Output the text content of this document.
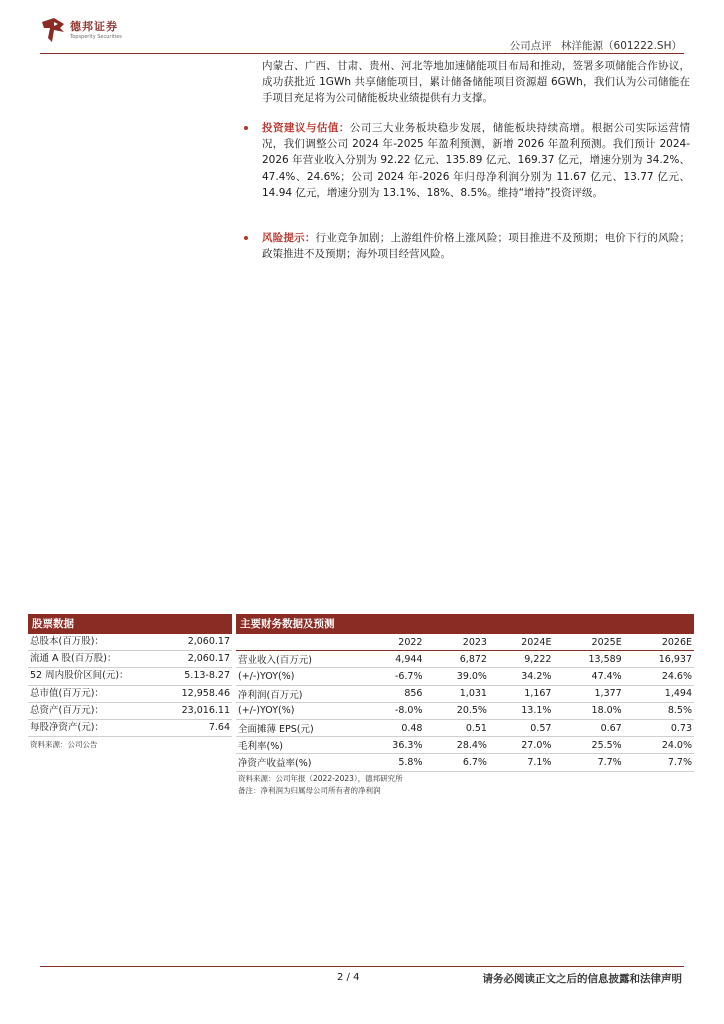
德邦证券
Topsperity Securities
公司点评 林洋能源（601222.SH）
内蒙古、广西、甘肃、贵州、河北等地加速储能项目布局和推动，签署多项储能合作协议，成功获批近 1GWh 共享储能项目，累计储备储能项目资源超 6GWh，我们认为公司储能在手项目充足将为公司储能板块业绩提供有力支撑。
投资建议与估值：公司三大业务板块稳步发展，储能板块持续高增。根据公司实际运营情况，我们调整公司 2024 年-2025 年盈利预测，新增 2026 年盈利预测。我们预计 2024-2026 年营业收入分别为 92.22 亿元、135.89 亿元、169.37 亿元，增速分别为 34.2%、47.4%、24.6%；公司 2024 年-2026 年归母净利润分别为 11.67 亿元、13.77 亿元、14.94 亿元，增速分别为 13.1%、18%、8.5%。维持“增持”投资评级。
风险提示：行业竞争加剧；上游组件价格上涨风险；项目推进不及预期；电价下行的风险；政策推进不及预期；海外项目经营风险。
股票数据
总股本(百万股)：	2,060.17
流通 A 股(百万股)：	2,060.17
52 周内股价区间(元)：	5.13-8.27
总市值(百万元)：	12,958.46
总资产(百万元)：	23,016.11
每股净资产(元)：	7.64
资料来源：公司公告
主要财务数据及预测
	2022	2023	2024E	2025E	2026E
营业收入(百万元)	4,944	6,872	9,222	13,589	16,937
(+/-)YOY(%)	-6.7%	39.0%	34.2%	47.4%	24.6%
净利润(百万元)	856	1,031	1,167	1,377	1,494
(+/-)YOY(%)	-8.0%	20.5%	13.1%	18.0%	8.5%
全面摊薄 EPS(元)	0.48	0.51	0.57	0.67	0.73
毛利率(%)	36.3%	28.4%	27.0%	25.5%	24.0%
净资产收益率(%)	5.8%	6.7%	7.1%	7.7%	7.7%
资料来源：公司年报（2022-2023），德邦研究所
备注：净利润为归属母公司所有者的净利润
2 / 4	请务必阅读正文之后的信息披露和法律声明
